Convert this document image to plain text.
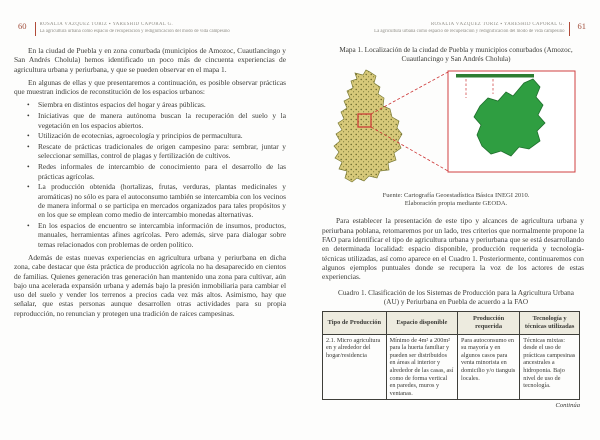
60	ROSALÍA VÁZQUEZ TORIZ ▪ YARESHID CAPORAL G.
La agricultura urbana como espacio de recuperación y redignificación del modo de vida campesino

En la ciudad de Puebla y en zona conurbada (municipios de Amozoc, Cuautlancingo y San Andrés Cholula) hemos identificado un poco más de cincuenta experiencias de agricultura urbana y periurbana, y que se pueden observar en el mapa 1.

En algunas de ellas y que presentaremos a continuación, es posible observar prácticas que muestran indicios de reconstitución de los espacios urbanos:

• Siembra en distintos espacios del hogar y áreas públicas.
• Iniciativas que de manera autónoma buscan la recuperación del suelo y la vegetación en los espacios abiertos.
• Utilización de ecotecnias, agroecología y principios de permacultura.
• Rescate de prácticas tradicionales de origen campesino para: sembrar, juntar y seleccionar semillas, control de plagas y fertilización de cultivos.
• Redes informales de intercambio de conocimiento para el desarrollo de las prácticas agrícolas.
• La producción obtenida (hortalizas, frutas, verduras, plantas medicinales y aromáticas) no sólo es para el autoconsumo también se intercambia con los vecinos de manera informal o se participa en mercados organizados para tales propósitos y en los que se emplean como medio de intercambio monedas alternativas.
• En los espacios de encuentro se intercambia información de insumos, productos, manuales, herramientas afines agrícolas. Pero además, sirve para dialogar sobre temas relacionados con problemas de orden político.

Además de estas nuevas experiencias en agricultura urbana y periurbana en dicha zona, cabe destacar que ésta práctica de producción agrícola no ha desaparecido en cientos de familias. Quienes generación tras generación han mantenido una zona para cultivar, aún bajo una acelerada expansión urbana y además bajo la presión inmobiliaria para cambiar el uso del suelo y vender los terrenos a precios cada vez más altos. Asimismo, hay que señalar, que estas personas aunque desarrollen otras actividades para su propia reproducción, no renuncian y protegen una tradición de raíces campesinas.

ROSALÍA VÁZQUEZ TORIZ ▪ YARESHID CAPORAL G.
La agricultura urbana como espacio de recuperación y redignificación del modo de vida campesino	61
Mapa 1. Localización de la ciudad de Puebla y municipios conurbados (Amozoc, Cuautlancingo y San Andrés Cholula)
Fuente: Cartografía Geoestadística Básica INEGI 2010.
Elaboración propia mediante GEODA.

Para establecer la presentación de este tipo y alcances de agricultura urbana y periurbana poblana, retomaremos por un lado, tres criterios que normalmente propone la FAO para identificar el tipo de agricultura urbana y periurbana que se está desarrollando en determinada localidad: espacio disponible, producción requerida y tecnología-técnicas utilizadas, así como aparece en el Cuadro 1. Posteriormente, continuaremos con algunos ejemplos puntuales donde se recupera la voz de los actores de estas experiencias.

Cuadro 1. Clasificación de los Sistemas de Producción para la Agricultura Urbana (AU) y Periurbana en Puebla de acuerdo a la FAO
Tipo de Producción	Espacio disponible	Producción requerida	Tecnología y técnicas utilizadas
2.1. Micro agricultura en y alrededor del hogar/residencia	Mínimo de 4m² a 200m² para la huerta familiar y pueden ser distribuidos en áreas al interior y alrededor de las casas, así como de forma vertical en paredes, muros y ventanas.	Para autoconsumo en su mayoría y en algunos casos para venta minorista en domicilio y/o tianguis locales.	Técnicas mixtas: desde el uso de prácticas campesinas ancestrales a hidroponia. Bajo nivel de uso de tecnología.
Continúa
